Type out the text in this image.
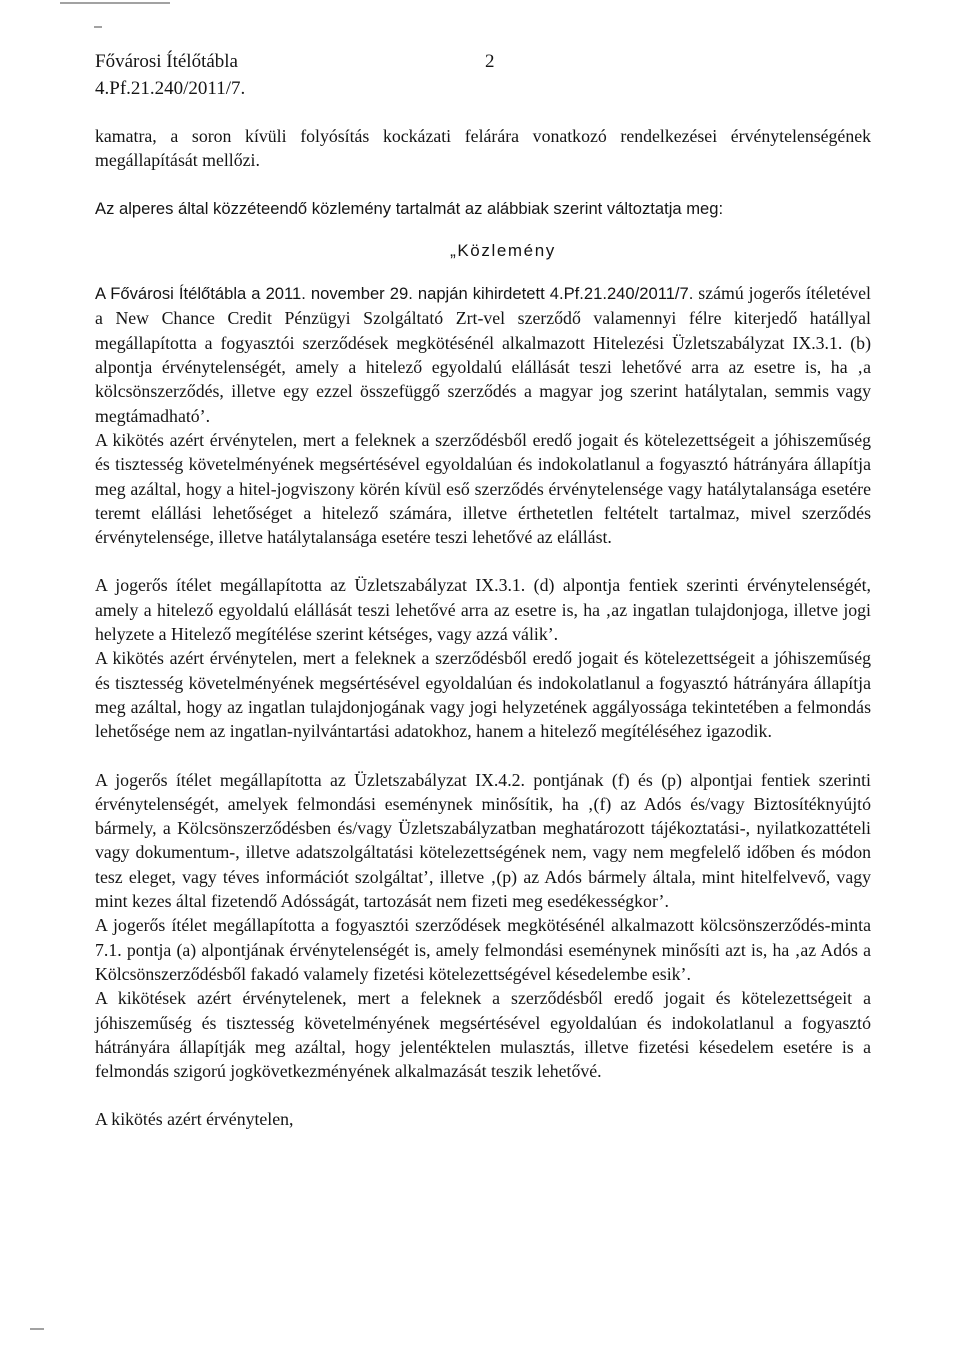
Fővárosi Ítélőtábla
4.Pf.21.240/2011/7.
2

kamatra, a soron kívüli folyósítás kockázati felárára vonatkozó rendelkezései érvénytelenségének megállapítását mellőzi.

Az alperes által közzéteendő közlemény tartalmát az alábbiak szerint változtatja meg:

„Közlemény

A Fővárosi Ítélőtábla a 2011. november 29. napján kihirdetett 4.Pf.21.240/2011/7. számú jogerős ítéletével a New Chance Credit Pénzügyi Szolgáltató Zrt-vel szerződő valamennyi félre kiterjedő hatállyal megállapította a fogyasztói szerződések megkötésénél alkalmazott Hitelezési Üzletszabályzat IX.3.1. (b) alpontja érvénytelenségét, amely a hitelező egyoldalú elállását teszi lehetővé arra az esetre is, ha ‚a kölcsönszerződés, illetve egy ezzel összefüggő szerződés a magyar jog szerint hatálytalan, semmis vagy megtámadható’.

A kikötés azért érvénytelen, mert a feleknek a szerződésből eredő jogait és kötelezettségeit a jóhiszeműség és tisztesség követelményének megsértésével egyoldalúan és indokolatlanul a fogyasztó hátrányára állapítja meg azáltal, hogy a hitel-jogviszony körén kívül eső szerződés érvénytelensége vagy hatálytalansága esetére teremt elállási lehetőséget a hitelező számára, illetve érthetetlen feltételt tartalmaz, mivel szerződés érvénytelensége, illetve hatálytalansága esetére teszi lehetővé az elállást.

A jogerős ítélet megállapította az Üzletszabályzat IX.3.1. (d) alpontja fentiek szerinti érvénytelenségét, amely a hitelező egyoldalú elállását teszi lehetővé arra az esetre is, ha ‚az ingatlan tulajdonjoga, illetve jogi helyzete a Hitelező megítélése szerint kétséges, vagy azzá válik’.

A kikötés azért érvénytelen, mert a feleknek a szerződésből eredő jogait és kötelezettségeit a jóhiszeműség és tisztesség követelményének megsértésével egyoldalúan és indokolatlanul a fogyasztó hátrányára állapítja meg azáltal, hogy az ingatlan tulajdonjogának vagy jogi helyzetének aggályossága tekintetében a felmondás lehetősége nem az ingatlan-nyilvántartási adatokhoz, hanem a hitelező megítéléséhez igazodik.

A jogerős ítélet megállapította az Üzletszabályzat IX.4.2. pontjának (f) és (p) alpontjai fentiek szerinti érvénytelenségét, amelyek felmondási eseménynek minősítik, ha ‚(f) az Adós és/vagy Biztosítéknyújtó bármely, a Kölcsönszerződésben és/vagy Üzletszabályzatban meghatározott tájékoztatási-, nyilatkozattételi vagy dokumentum-, illetve adatszolgáltatási kötelezettségének nem, vagy nem megfelelő időben és módon tesz eleget, vagy téves információt szolgáltat’, illetve ‚(p) az Adós bármely általa, mint hitelfelvevő, vagy mint kezes által fizetendő Adósságát, tartozását nem fizeti meg esedékességkor’.

A jogerős ítélet megállapította a fogyasztói szerződések megkötésénél alkalmazott kölcsönszerződés-minta 7.1. pontja (a) alpontjának érvénytelenségét is, amely felmondási eseménynek minősíti azt is, ha ‚az Adós a Kölcsönszerződésből fakadó valamely fizetési kötelezettségével késedelembe esik’.

A kikötések azért érvénytelenek, mert a feleknek a szerződésből eredő jogait és kötelezettségeit a jóhiszeműség és tisztesség követelményének megsértésével egyoldalúan és indokolatlanul a fogyasztó hátrányára állapítják meg azáltal, hogy jelentéktelen mulasztás, illetve fizetési késedelem esetére is a felmondás szigorú jogkövetkezményének alkalmazását teszik lehetővé.

A kikötés azért érvénytelen,
